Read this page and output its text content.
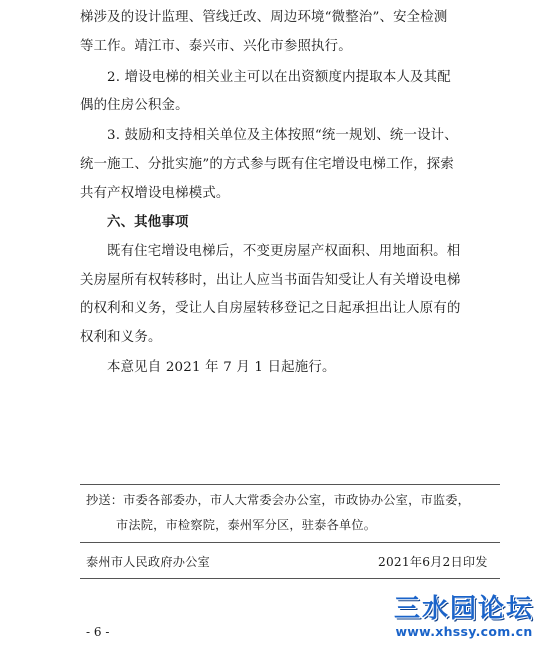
梯涉及的设计监理、管线迁改、周边环境“微整治”、安全检测
等工作。靖江市、泰兴市、兴化市参照执行。
2. 增设电梯的相关业主可以在出资额度内提取本人及其配
偶的住房公积金。
3. 鼓励和支持相关单位及主体按照“统一规划、统一设计、
统一施工、分批实施”的方式参与既有住宅增设电梯工作，探索
共有产权增设电梯模式。
六、其他事项
既有住宅增设电梯后，不变更房屋产权面积、用地面积。相
关房屋所有权转移时，出让人应当书面告知受让人有关增设电梯
的权利和义务，受让人自房屋转移登记之日起承担出让人原有的
权利和义务。
本意见自 2021 年 7 月 1 日起施行。
抄送：市委各部委办，市人大常委会办公室，市政协办公室，市监委，
市法院，市检察院，泰州军分区，驻泰各单位。
泰州市人民政府办公室	2021年6月2日印发
- 6 -
三水园论坛
www.xhssy.com.cn
